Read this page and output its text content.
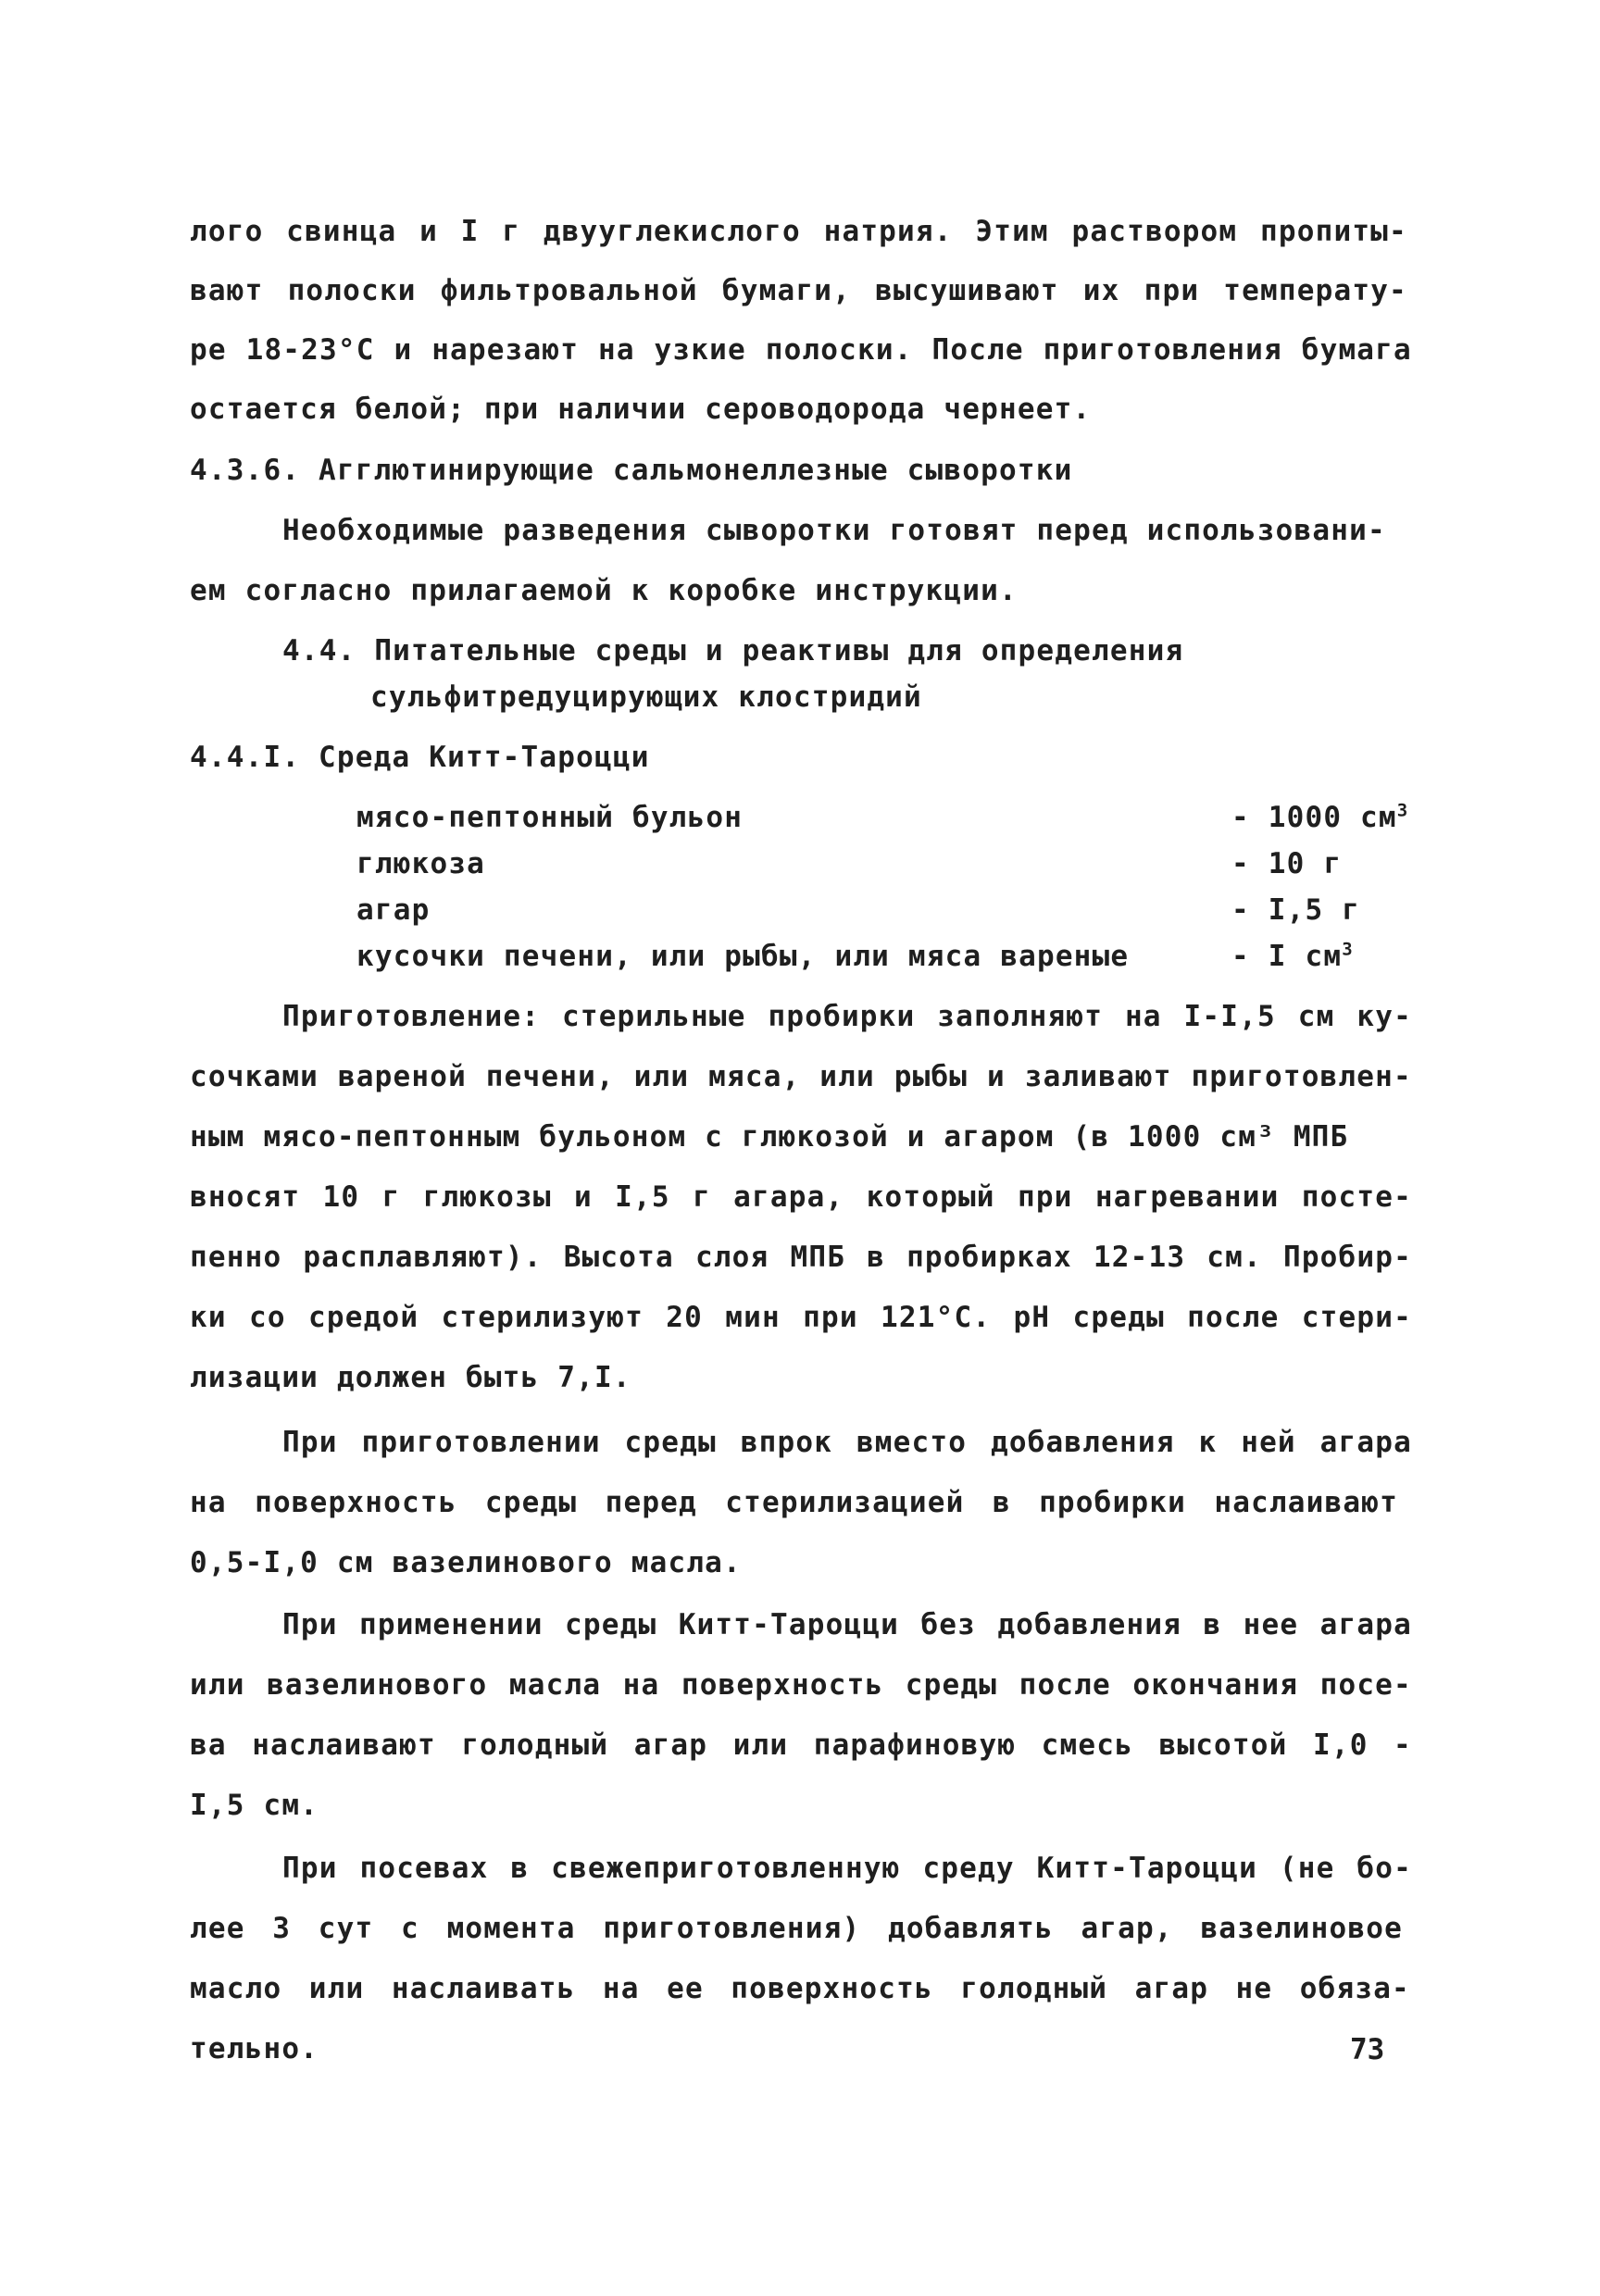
лого свинца и I г двууглекислого натрия. Этим раствором пропиты-
вают полоски фильтровальной бумаги, высушивают их при температу-
ре 18-23°С и нарезают на узкие полоски. После приготовления бумага
остается белой; при наличии сероводорода чернеет.
4.3.6. Агглютинирующие сальмонеллезные сыворотки
Необходимые разведения сыворотки готовят перед использовани-
ем согласно прилагаемой к коробке инструкции.
4.4. Питательные среды и реактивы для определения
сульфитредуцирующих клостридий
4.4.I. Среда Китт-Тароцци
мясо-пептонный бульон	- 1000 $см^3$
глюкоза	- 10 г
агар	- I,5 г
кусочки печени, или рыбы, или мяса вареные	- I $см^3$
Приготовление: стерильные пробирки заполняют на I-I,5 см ку-
сочками вареной печени, или мяса, или рыбы и заливают приготовлен-
ным мясо-пептонным бульоном с глюкозой и агаром (в 1000 см³ МПБ
вносят 10 г глюкозы и I,5 г агара, который при нагревании посте-
пенно расплавляют). Высота слоя МПБ в пробирках 12-13 см. Пробир-
ки со средой стерилизуют 20 мин при 121°С. рН среды после стери-
лизации должен быть 7,I.
При приготовлении среды впрок вместо добавления к ней агара
на поверхность среды перед стерилизацией в пробирки наслаивают
0,5-I,0 см вазелинового масла.
При применении среды Китт-Тароцци без добавления в нее агара
или вазелинового масла на поверхность среды после окончания посе-
ва наслаивают голодный агар или парафиновую смесь высотой I,0 -
I,5 см.
При посевах в свежеприготовленную среду Китт-Тароцци (не бо-
лее 3 сут с момента приготовления) добавлять агар, вазелиновое
масло или наслаивать на ее поверхность голодный агар не обяза-
тельно.	73
